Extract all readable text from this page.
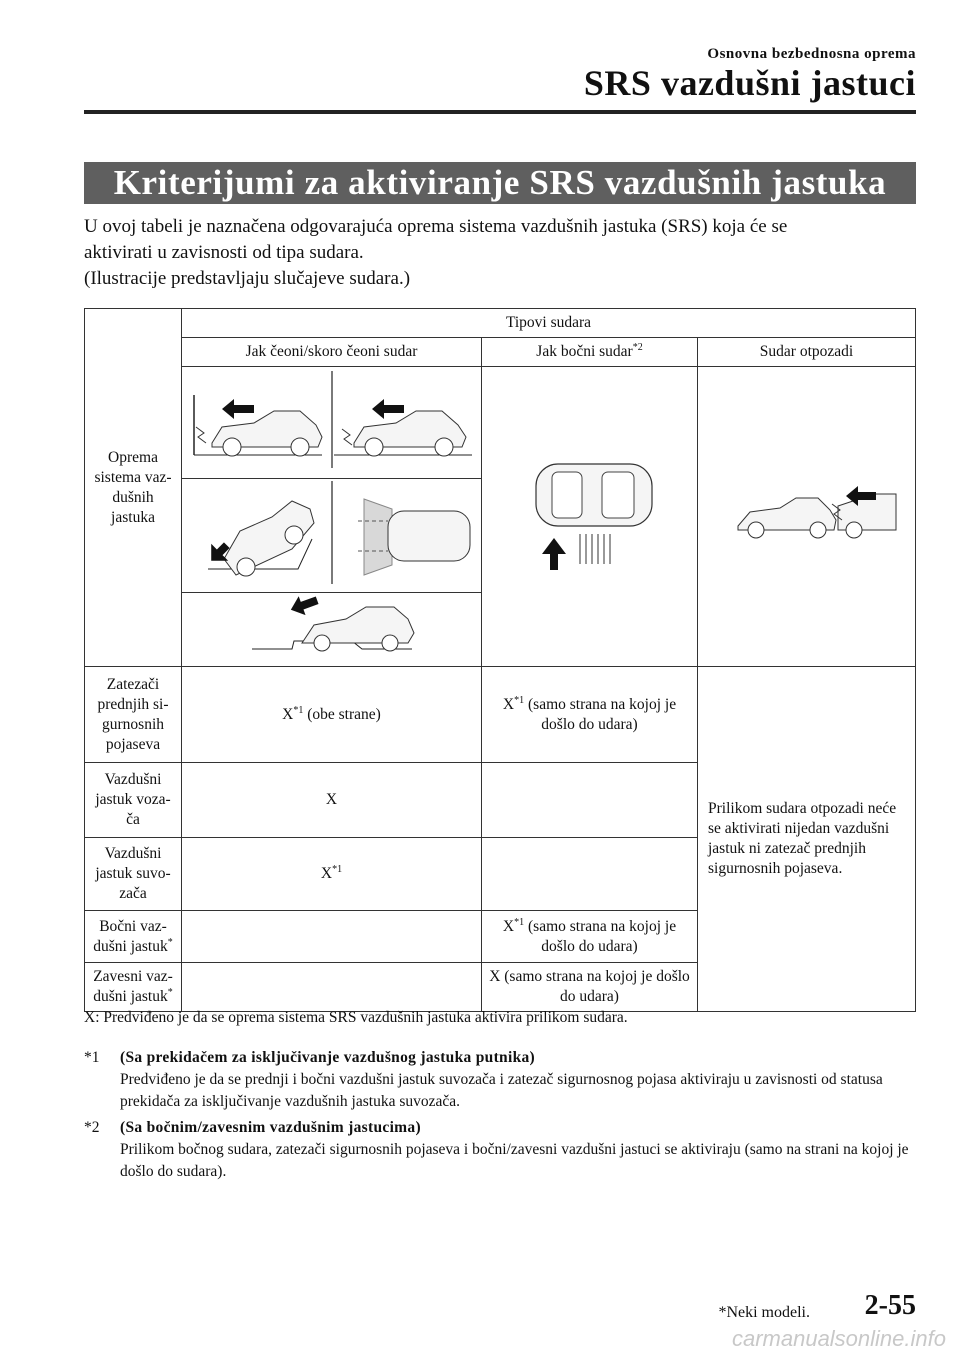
Osnovna bezbednosna oprema
SRS vazdušni jastuci
Kriterijumi za aktiviranje SRS vazdušnih jastuka

U ovoj tabeli je naznačena odgovarajuća oprema sistema vazdušnih jastuka (SRS) koja će se

aktivirati u zavisnosti od tipa sudara.

(Ilustracije predstavljaju slučajeve sudara.)

Oprema sistema vaz- dušnih jastuka	Tipovi sudara		
	Jak čeoni/skoro čeoni sudar	Jak bočni sudar$^{*2}$	Sudar otpozadi

Zatezači prednjih si- gurnosnih pojaseva	$X^{*1}$ (obe strane)	$X^{*1}$ (samo strana na kojoj je došlo do udara)	Prilikom sudara otpozadi neće se aktivirati nijedan vazdušni jastuk ni zatezač prednjih sigurnosnih pojaseva.
Vazdušni jastuk voza- ča	X		
Vazdušni jastuk suvo- zača	$X^{*1}$	
Bočni vaz- dušni jastuk*		$X^{*1}$ (samo strana na kojoj je došlo do udara)	
Zavesni vaz- dušni jastuk*		X (samo strana na kojoj je došlo do udara)	
X: Predviđeno je da se oprema sistema SRS vazdušnih jastuka aktivira prilikom sudara.
*1 (Sa prekidačem za isključivanje vazdušnog jastuka putnika)
Predviđeno je da se prednji i bočni vazdušni jastuk suvozača i zatezač sigurnosnog pojasa aktiviraju u zavisnosti od statusa prekidača za isključivanje vazdušnih jastuka suvozača.
*2 (Sa bočnim/zavesnim vazdušnim jastucima)
Prilikom bočnog sudara, zatezači sigurnosnih pojaseva i bočni/zavesni vazdušni jastuci se aktiviraju (samo na strani na kojoj je došlo do sudara).
*Neki modeli. 2-55
carmanualsonline.info
